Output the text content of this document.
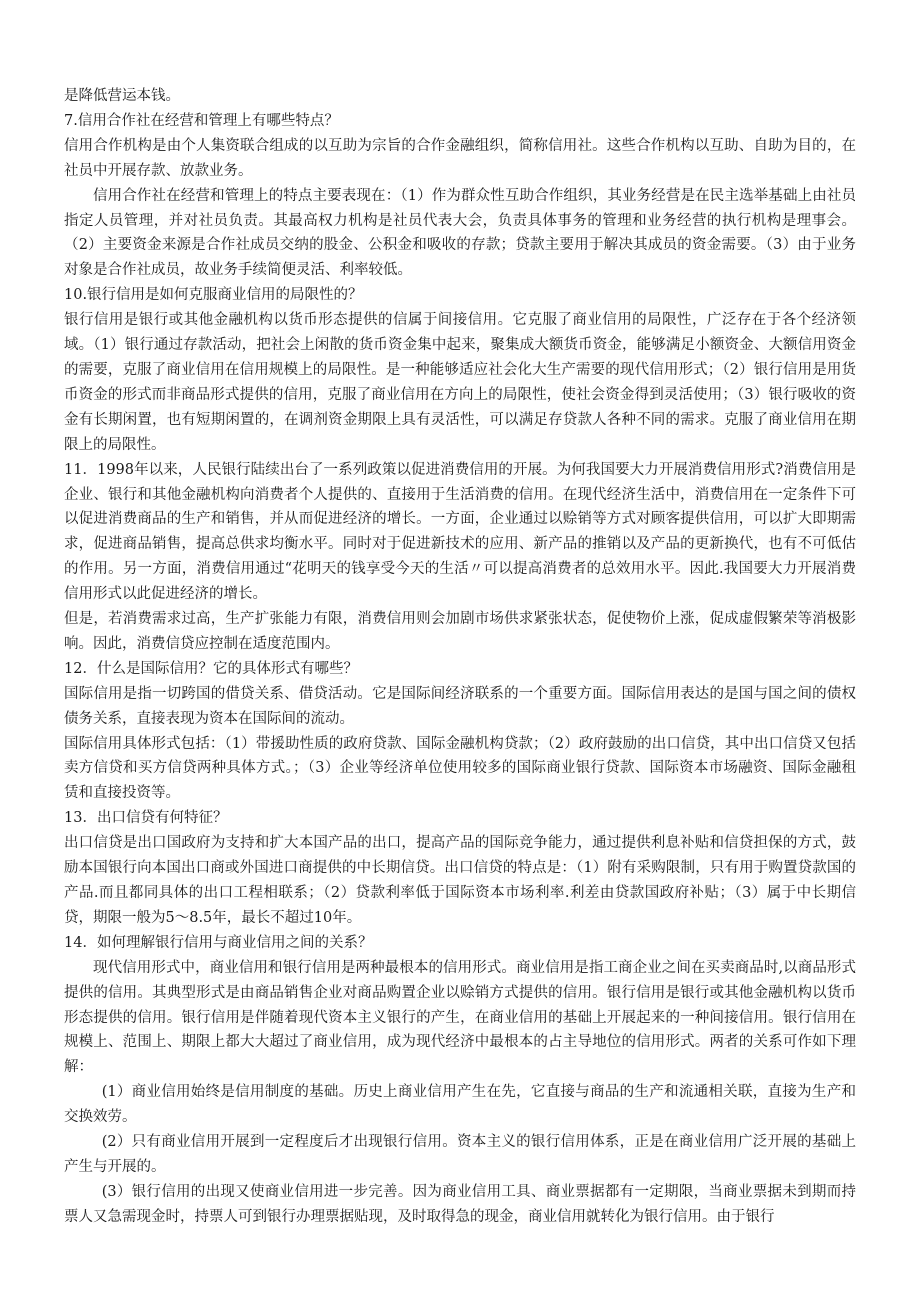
是降低营运本钱。

7.信用合作社在经营和管理上有哪些特点？

信用合作机构是由个人集资联合组成的以互助为宗旨的合作金融组织，简称信用社。这些合作机构以互助、自助为目的，在社员中开展存款、放款业务。

信用合作社在经营和管理上的特点主要表现在：（1）作为群众性互助合作组织，其业务经营是在民主选举基础上由社员指定人员管理，并对社员负责。其最高权力机构是社员代表大会，负责具体事务的管理和业务经营的执行机构是理事会。（2）主要资金来源是合作社成员交纳的股金、公积金和吸收的存款；贷款主要用于解决其成员的资金需要。（3）由于业务对象是合作社成员，故业务手续简便灵活、利率较低。

10.银行信用是如何克服商业信用的局限性的？

银行信用是银行或其他金融机构以货币形态提供的信属于间接信用。它克服了商业信用的局限性，广泛存在于各个经济领域。（1）银行通过存款活动，把社会上闲散的货币资金集中起来，聚集成大额货币资金，能够满足小额资金、大额信用资金的需要，克服了商业信用在信用规模上的局限性。是一种能够适应社会化大生产需要的现代信用形式；（2）银行信用是用货币资金的形式而非商品形式提供的信用，克服了商业信用在方向上的局限性，使社会资金得到灵活使用；（3）银行吸收的资金有长期闲置，也有短期闲置的，在调剂资金期限上具有灵活性，可以满足存贷款人各种不同的需求。克服了商业信用在期限上的局限性。

11．1998年以来，人民银行陆续出台了一系列政策以促进消费信用的开展。为何我国要大力开展消费信用形式?消费信用是企业、银行和其他金融机构向消费者个人提供的、直接用于生活消费的信用。在现代经济生活中，消费信用在一定条件下可以促进消费商品的生产和销售，并从而促进经济的增长。一方面，企业通过以赊销等方式对顾客提供信用，可以扩大即期需求，促进商品销售，提高总供求均衡水平。同时对于促进新技术的应用、新产品的推销以及产品的更新换代，也有不可低估的作用。另一方面，消费信用通过“花明天的钱享受今天的生活〃可以提高消费者的总效用水平。因此.我国要大力开展消费信用形式以此促进经济的增长。

但是，若消费需求过高，生产扩张能力有限，消费信用则会加剧市场供求紧张状态，促使物价上涨，促成虚假繁荣等消极影响。因此，消费信贷应控制在适度范围内。

12．什么是国际信用？它的具体形式有哪些？

国际信用是指一切跨国的借贷关系、借贷活动。它是国际间经济联系的一个重要方面。国际信用表达的是国与国之间的债权债务关系，直接表现为资本在国际间的流动。

国际信用具体形式包括：（1）带援助性质的政府贷款、国际金融机构贷款；（2）政府鼓励的出口信贷，其中出口信贷又包括卖方信贷和买方信贷两种具体方式。；（3）企业等经济单位使用较多的国际商业银行贷款、国际资本市场融资、国际金融租赁和直接投资等。

13．出口信贷有何特征？

出口信贷是出口国政府为支持和扩大本国产品的出口，提高产品的国际竞争能力，通过提供利息补贴和信贷担保的方式，鼓励本国银行向本国出口商或外国进口商提供的中长期信贷。出口信贷的特点是：（1）附有采购限制，只有用于购置贷款国的产品.而且都同具体的出口工程相联系；（2）贷款利率低于国际资本市场利率.利差由贷款国政府补贴；（3）属于中长期信贷，期限一般为5～8.5年，最长不超过10年。

14．如何理解银行信用与商业信用之间的关系？

现代信用形式中，商业信用和银行信用是两种最根本的信用形式。商业信用是指工商企业之间在买卖商品时,以商品形式提供的信用。其典型形式是由商品销售企业对商品购置企业以赊销方式提供的信用。银行信用是银行或其他金融机构以货币形态提供的信用。银行信用是伴随着现代资本主义银行的产生，在商业信用的基础上开展起来的一种间接信用。银行信用在规模上、范围上、期限上都大大超过了商业信用，成为现代经济中最根本的占主导地位的信用形式。两者的关系可作如下理解：

(1）商业信用始终是信用制度的基础。历史上商业信用产生在先，它直接与商品的生产和流通相关联，直接为生产和交换效劳。

(2）只有商业信用开展到一定程度后才出现银行信用。资本主义的银行信用体系，正是在商业信用广泛开展的基础上产生与开展的。

(3）银行信用的出现又使商业信用进一步完善。因为商业信用工具、商业票据都有一定期限，当商业票据未到期而持票人又急需现金时，持票人可到银行办理票据贴现，及时取得急的现金，商业信用就转化为银行信用。由于银行
